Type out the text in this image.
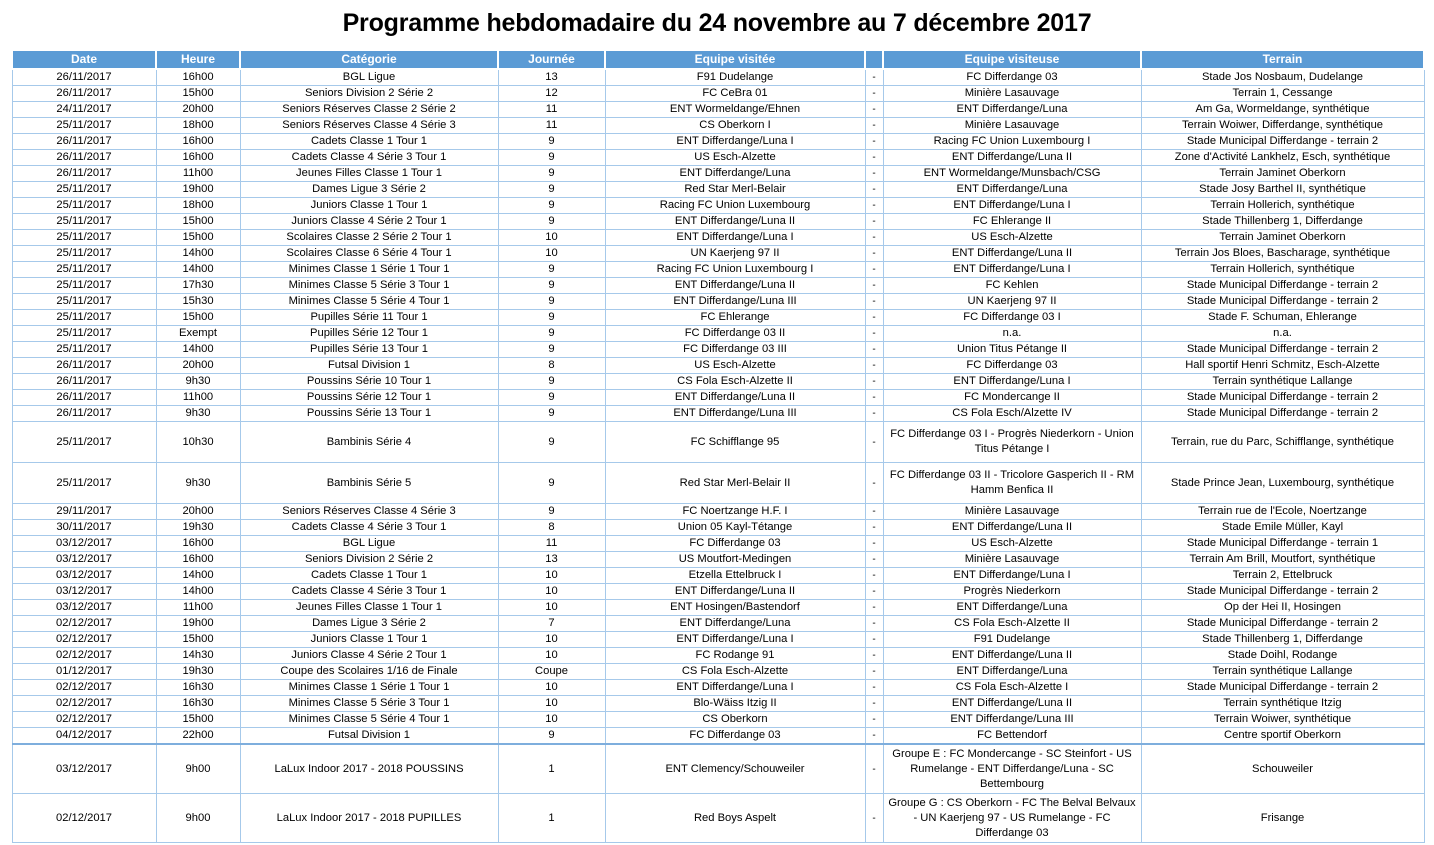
Programme hebdomadaire du 24 novembre au 7 décembre 2017
Date	Heure	Catégorie	Journée	Equipe visitée		Equipe visiteuse	Terrain

26/11/2017	16h00	BGL Ligue	13	F91 Dudelange	-	FC Differdange 03	Stade Jos Nosbaum, Dudelange

26/11/2017	15h00	Seniors Division 2 Série 2	12	FC CeBra 01	-	Minière Lasauvage	Terrain 1, Cessange

24/11/2017	20h00	Seniors Réserves Classe 2 Série 2	11	ENT Wormeldange/Ehnen	-	ENT Differdange/Luna	Am Ga, Wormeldange, synthétique

25/11/2017	18h00	Seniors Réserves Classe 4 Série 3	11	CS Oberkorn I	-	Minière Lasauvage	Terrain Woiwer, Differdange, synthétique

26/11/2017	16h00	Cadets Classe 1 Tour 1	9	ENT Differdange/Luna I	-	Racing FC Union Luxembourg I	Stade Municipal Differdange - terrain 2

26/11/2017	16h00	Cadets Classe 4 Série 3 Tour 1	9	US Esch-Alzette	-	ENT Differdange/Luna II	Zone d'Activité Lankhelz, Esch, synthétique

26/11/2017	11h00	Jeunes Filles Classe 1 Tour 1	9	ENT Differdange/Luna	-	ENT Wormeldange/Munsbach/CSG	Terrain Jaminet Oberkorn

25/11/2017	19h00	Dames Ligue 3 Série 2	9	Red Star Merl-Belair	-	ENT Differdange/Luna	Stade Josy Barthel II, synthétique

25/11/2017	18h00	Juniors Classe 1 Tour 1	9	Racing FC Union Luxembourg	-	ENT Differdange/Luna I	Terrain Hollerich, synthétique

25/11/2017	15h00	Juniors Classe 4 Série 2 Tour 1	9	ENT Differdange/Luna II	-	FC Ehlerange II	Stade Thillenberg 1, Differdange

25/11/2017	15h00	Scolaires Classe 2 Série 2 Tour 1	10	ENT Differdange/Luna I	-	US Esch-Alzette	Terrain Jaminet Oberkorn

25/11/2017	14h00	Scolaires Classe 6 Série 4 Tour 1	10	UN Kaerjeng 97 II	-	ENT Differdange/Luna II	Terrain Jos Bloes, Bascharage, synthétique

25/11/2017	14h00	Minimes Classe 1 Série 1 Tour 1	9	Racing FC Union Luxembourg I	-	ENT Differdange/Luna I	Terrain Hollerich, synthétique

25/11/2017	17h30	Minimes Classe 5 Série 3 Tour 1	9	ENT Differdange/Luna II	-	FC Kehlen	Stade Municipal Differdange - terrain 2

25/11/2017	15h30	Minimes Classe 5 Série 4 Tour 1	9	ENT Differdange/Luna III	-	UN Kaerjeng 97 II	Stade Municipal Differdange - terrain 2

25/11/2017	15h00	Pupilles Série 11 Tour 1	9	FC Ehlerange	-	FC Differdange 03 I	Stade F. Schuman, Ehlerange

25/11/2017	Exempt	Pupilles Série 12 Tour 1	9	FC Differdange 03 II	-	n.a.	n.a.

25/11/2017	14h00	Pupilles Série 13 Tour 1	9	FC Differdange 03 III	-	Union Titus Pétange II	Stade Municipal Differdange - terrain 2

26/11/2017	20h00	Futsal Division 1	8	US Esch-Alzette	-	FC Differdange 03	Hall sportif Henri Schmitz, Esch-Alzette

26/11/2017	9h30	Poussins Série 10 Tour 1	9	CS Fola Esch-Alzette II	-	ENT Differdange/Luna I	Terrain synthétique Lallange

26/11/2017	11h00	Poussins Série 12 Tour 1	9	ENT Differdange/Luna II	-	FC Mondercange II	Stade Municipal Differdange - terrain 2

26/11/2017	9h30	Poussins Série 13 Tour 1	9	ENT Differdange/Luna III	-	CS Fola Esch/Alzette IV	Stade Municipal Differdange - terrain 2

25/11/2017	10h30	Bambinis Série 4	9	FC Schifflange 95	-	FC Differdange 03 I - Progrès Niederkorn - Union Titus Pétange I	Terrain, rue du Parc, Schifflange, synthétique

25/11/2017	9h30	Bambinis Série 5	9	Red Star Merl-Belair II	-	FC Differdange 03 II - Tricolore Gasperich II - RM Hamm Benfica II	Stade Prince Jean, Luxembourg, synthétique

29/11/2017	20h00	Seniors Réserves Classe 4 Série 3	9	FC Noertzange H.F. I	-	Minière Lasauvage	Terrain rue de l'Ecole, Noertzange

30/11/2017	19h30	Cadets Classe 4 Série 3 Tour 1	8	Union 05 Kayl-Tétange	-	ENT Differdange/Luna II	Stade Emile Müller, Kayl

03/12/2017	16h00	BGL Ligue	11	FC Differdange 03	-	US Esch-Alzette	Stade Municipal Differdange - terrain 1

03/12/2017	16h00	Seniors Division 2 Série 2	13	US Moutfort-Medingen	-	Minière Lasauvage	Terrain Am Brill, Moutfort, synthétique

03/12/2017	14h00	Cadets Classe 1 Tour 1	10	Etzella Ettelbruck I	-	ENT Differdange/Luna I	Terrain 2, Ettelbruck

03/12/2017	14h00	Cadets Classe 4 Série 3 Tour 1	10	ENT Differdange/Luna II	-	Progrès Niederkorn	Stade Municipal Differdange - terrain 2

03/12/2017	11h00	Jeunes Filles Classe 1 Tour 1	10	ENT Hosingen/Bastendorf	-	ENT Differdange/Luna	Op der Hei II, Hosingen

02/12/2017	19h00	Dames Ligue 3 Série 2	7	ENT Differdange/Luna	-	CS Fola Esch-Alzette II	Stade Municipal Differdange - terrain 2

02/12/2017	15h00	Juniors Classe 1 Tour 1	10	ENT Differdange/Luna I	-	F91 Dudelange	Stade Thillenberg 1, Differdange

02/12/2017	14h30	Juniors Classe 4 Série 2 Tour 1	10	FC Rodange 91	-	ENT Differdange/Luna II	Stade Doihl, Rodange

01/12/2017	19h30	Coupe des Scolaires 1/16 de Finale	Coupe	CS Fola Esch-Alzette	-	ENT Differdange/Luna	Terrain synthétique Lallange

02/12/2017	16h30	Minimes Classe 1 Série 1 Tour 1	10	ENT Differdange/Luna I	-	CS Fola Esch-Alzette I	Stade Municipal Differdange - terrain 2

02/12/2017	16h30	Minimes Classe 5 Série 3 Tour 1	10	Blo-Wäiss Itzig II	-	ENT Differdange/Luna II	Terrain synthétique Itzig

02/12/2017	15h00	Minimes Classe 5 Série 4 Tour 1	10	CS Oberkorn	-	ENT Differdange/Luna III	Terrain Woiwer, synthétique

04/12/2017	22h00	Futsal Division 1	9	FC Differdange 03	-	FC Bettendorf	Centre sportif Oberkorn

03/12/2017	9h00	LaLux Indoor 2017 - 2018 POUSSINS	1	ENT Clemency/Schouweiler	-	Groupe E : FC Mondercange - SC Steinfort - US Rumelange - ENT Differdange/Luna - SC Bettembourg	Schouweiler

02/12/2017	9h00	LaLux Indoor 2017 - 2018 PUPILLES	1	Red Boys Aspelt	-	Groupe G : CS Oberkorn - FC The Belval Belvaux - UN Kaerjeng 97 - US Rumelange - FC Differdange 03	Frisange
